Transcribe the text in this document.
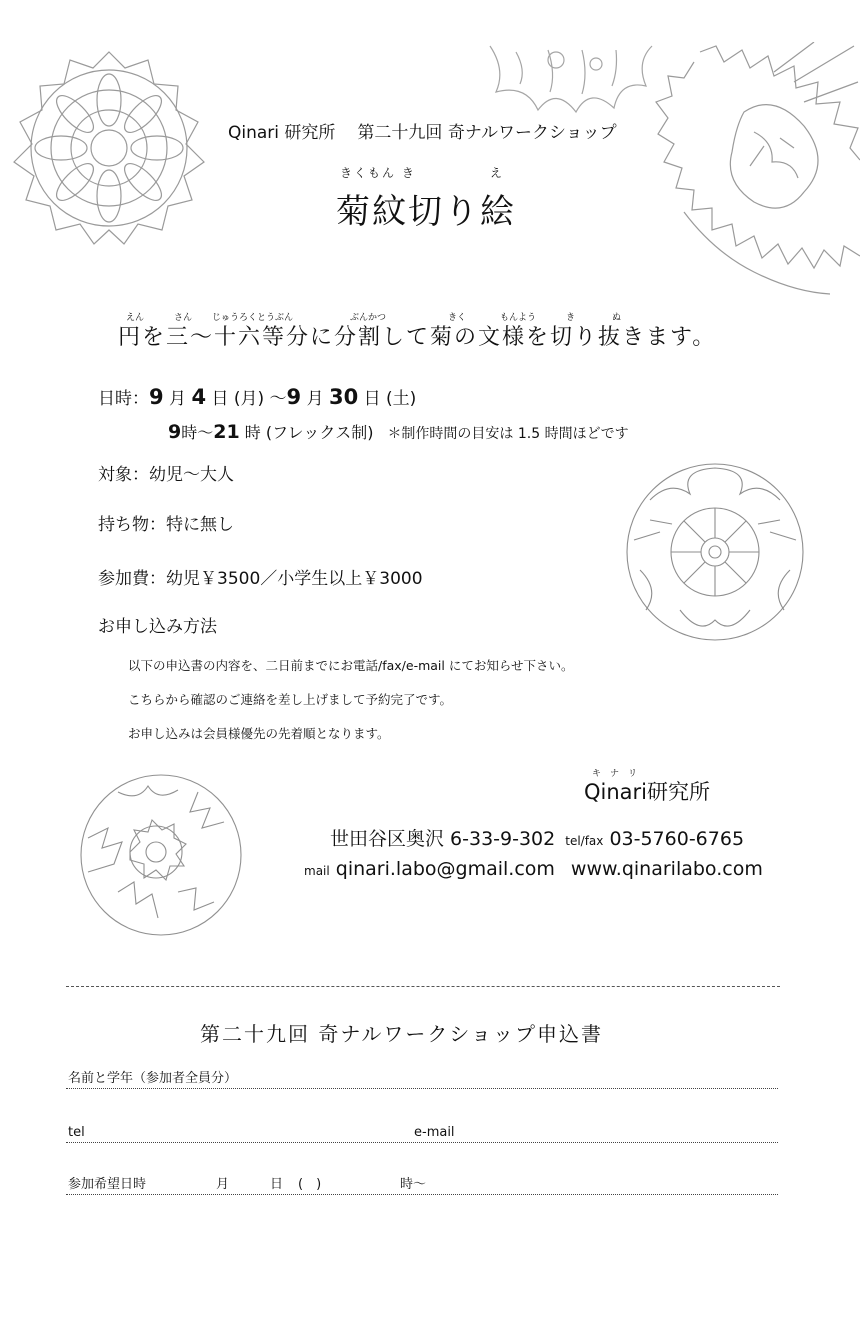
Qinari 研究所 第二十九回 奇ナルワークショップ
きくもん き	え
菊紋切り絵
えん	さん じゅうろくとうぶん	ぶんかつ	きく	もんよう	き	ぬ
円を三～十六等分に分割して菊の文様を切り抜きます。
日時：9 月 4 日 (月) ～9 月 30 日 (土)
9時～21 時 (フレックス制) ＊制作時間の目安は 1.5 時間ほどです
対象：幼児～大人
持ち物：特に無し
参加費：幼児￥3500／小学生以上￥3000
お申し込み方法
以下の申込書の内容を、二日前までにお電話/fax/e-mail にてお知らせ下さい。
こちらから確認のご連絡を差し上げまして予約完了です。
お申し込みは会員様優先の先着順となります。
キナリ
Qinari研究所
世田谷区奥沢 6-33-9-302 tel/fax 03-5760-6765
mail qinari.labo@gmail.com www.qinarilabo.com
第二十九回 奇ナルワークショップ申込書
名前と学年（参加者全員分）
tel	e-mail
参加希望日時	月	日 (　)	時～
